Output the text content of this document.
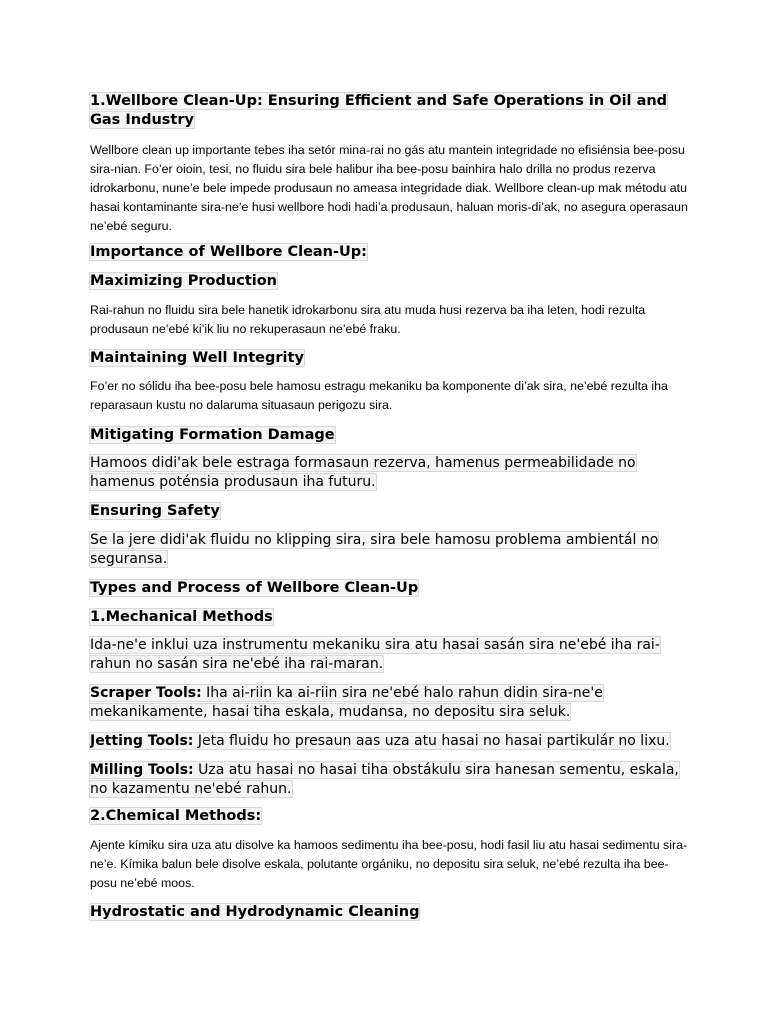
1.Wellbore Clean-Up: Ensuring Efficient and Safe Operations in Oil and Gas Industry

Wellbore clean up importante tebes iha setór mina-rai no gás atu mantein integridade no efisiénsia bee-posu sira-nian. Fo’er oioin, tesi, no fluidu sira bele halibur iha bee-posu bainhira halo drilla no produs rezerva idrokarbonu, nune’e bele impede produsaun no ameasa integridade diak. Wellbore clean-up mak métodu atu hasai kontaminante sira-ne’e husi wellbore hodi hadi’a produsaun, haluan moris-di’ak, no asegura operasaun ne’ebé seguru.

Importance of Wellbore Clean-Up:
Maximizing Production

Rai-rahun no fluidu sira bele hanetik idrokarbonu sira atu muda husi rezerva ba iha leten, hodi rezulta produsaun ne’ebé ki’ik liu no rekuperasaun ne’ebé fraku.

Maintaining Well Integrity

Fo’er no sólidu iha bee-posu bele hamosu estragu mekaniku ba komponente di’ak sira, ne’ebé rezulta iha reparasaun kustu no dalaruma situasaun perigozu sira.

Mitigating Formation Damage
Hamoos didi'ak bele estraga formasaun rezerva, hamenus permeabilidade no hamenus poténsia produsaun iha futuru.
Ensuring Safety
Se la jere didi'ak fluidu no klipping sira, sira bele hamosu problema ambientál no seguransa.
Types and Process of Wellbore Clean-Up
1.Mechanical Methods
Ida-ne'e inklui uza instrumentu mekaniku sira atu hasai sasán sira ne'ebé iha rai-rahun no sasán sira ne'ebé iha rai-maran.
Scraper Tools: Iha ai-riin ka ai-riin sira ne'ebé halo rahun didin sira-ne'e mekanikamente, hasai tiha eskala, mudansa, no depositu sira seluk.
Jetting Tools: Jeta fluidu ho presaun aas uza atu hasai no hasai partikulár no lixu.
Milling Tools: Uza atu hasai no hasai tiha obstákulu sira hanesan sementu, eskala, no kazamentu ne'ebé rahun.
2.Chemical Methods:

Ajente kímiku sira uza atu disolve ka hamoos sedimentu iha bee-posu, hodi fasil liu atu hasai sedimentu sira-ne’e. Kímika balun bele disolve eskala, polutante orgániku, no depositu sira seluk, ne’ebé rezulta iha bee-posu ne’ebé moos.

Hydrostatic and Hydrodynamic Cleaning
